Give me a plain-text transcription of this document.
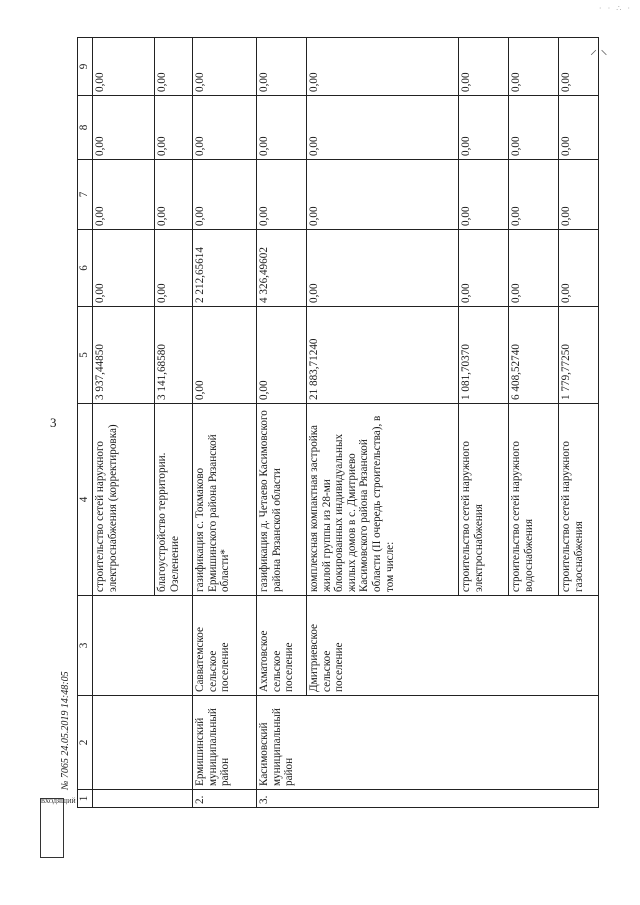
· · ∴ ·
⸝ ⸜
3
1	2	3	4	5	6	7	8	9
			строительство сетей наружного электроснабжения (корректировка)	3 937,44850	0,00	0,00	0,00	0,00
			благоустройство территории. Озеленение	3 141,68580	0,00	0,00	0,00	0,00
2.	Ермишинский муниципальный район	Савватемское сельское поселение	газификация с. Токмаково Ермишинского района Рязанской области*	0,00	2 212,65614	0,00	0,00	0,00
3.	Касимовский муниципальный район	Ахматовское сельское поселение	газификация д. Четаево Касимовского района Рязанской области	0,00	4 326,49602	0,00	0,00	0,00
		Дмитриевское сельское поселение	комплексная компактная застройка жилой группы из 28-ми блокированных индивидуальных жилых домов в с. Дмитриево Касимовского района Рязанской области (II очередь строительства), в том числе:	21 883,71240	0,00	0,00	0,00	0,00
			строительство сетей наружного электроснабжения	1 081,70370	0,00	0,00	0,00	0,00
			строительство сетей наружного водоснабжения	6 408,52740	0,00	0,00	0,00	0,00
			строительство сетей наружного газоснабжения	1 779,77250	0,00	0,00	0,00	0,00
ВХОДЯЩИЙ
№ 7065 24.05.2019 14:48:05
